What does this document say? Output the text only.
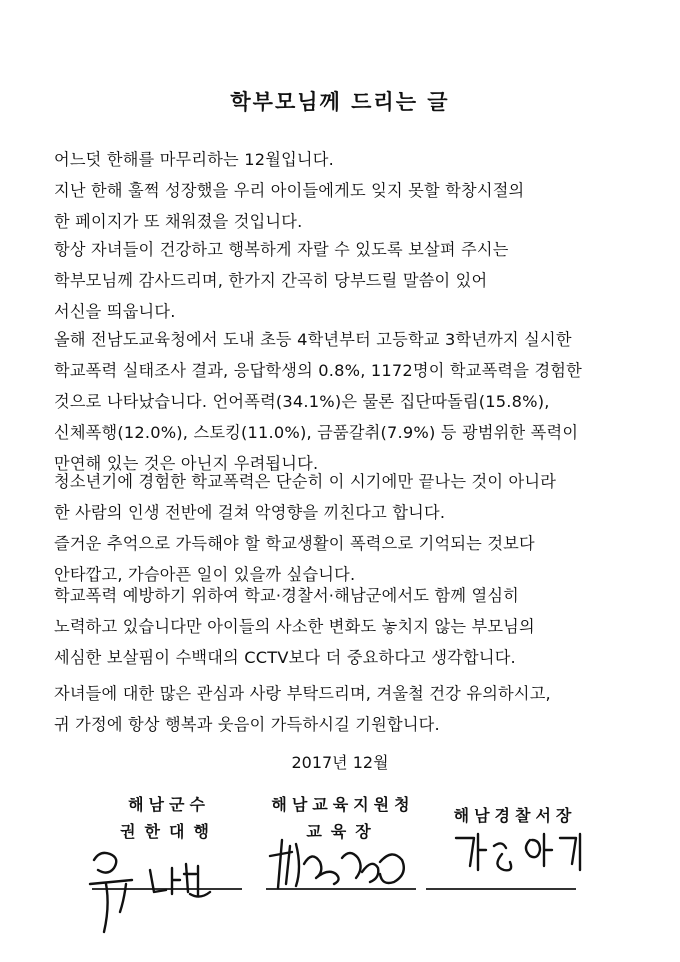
학부모님께 드리는 글
어느덧 한해를 마무리하는 12월입니다.
지난 한해 훌쩍 성장했을 우리 아이들에게도 잊지 못할 학창시절의
한 페이지가 또 채워졌을 것입니다.
항상 자녀들이 건강하고 행복하게 자랄 수 있도록 보살펴 주시는
학부모님께 감사드리며, 한가지 간곡히 당부드릴 말씀이 있어
서신을 띄웁니다.
올해 전남도교육청에서 도내 초등 4학년부터 고등학교 3학년까지 실시한
학교폭력 실태조사 결과, 응답학생의 0.8%, 1172명이 학교폭력을 경험한
것으로 나타났습니다. 언어폭력(34.1%)은 물론 집단따돌림(15.8%),
신체폭행(12.0%), 스토킹(11.0%), 금품갈취(7.9%) 등 광범위한 폭력이
만연해 있는 것은 아닌지 우려됩니다.
청소년기에 경험한 학교폭력은 단순히 이 시기에만 끝나는 것이 아니라
한 사람의 인생 전반에 걸쳐 악영향을 끼친다고 합니다.
즐거운 추억으로 가득해야 할 학교생활이 폭력으로 기억되는 것보다
안타깝고, 가슴아픈 일이 있을까 싶습니다.
학교폭력 예방하기 위하여 학교·경찰서·해남군에서도 함께 열심히
노력하고 있습니다만 아이들의 사소한 변화도 놓치지 않는 부모님의
세심한 보살핌이 수백대의 CCTV보다 더 중요하다고 생각합니다.
자녀들에 대한 많은 관심과 사랑 부탁드리며, 겨울철 건강 유의하시고,
귀 가정에 항상 행복과 웃음이 가득하시길 기원합니다.
2017년 12월
해남군수
권한대행
해남교육지원청
교육장
해남경찰서장
